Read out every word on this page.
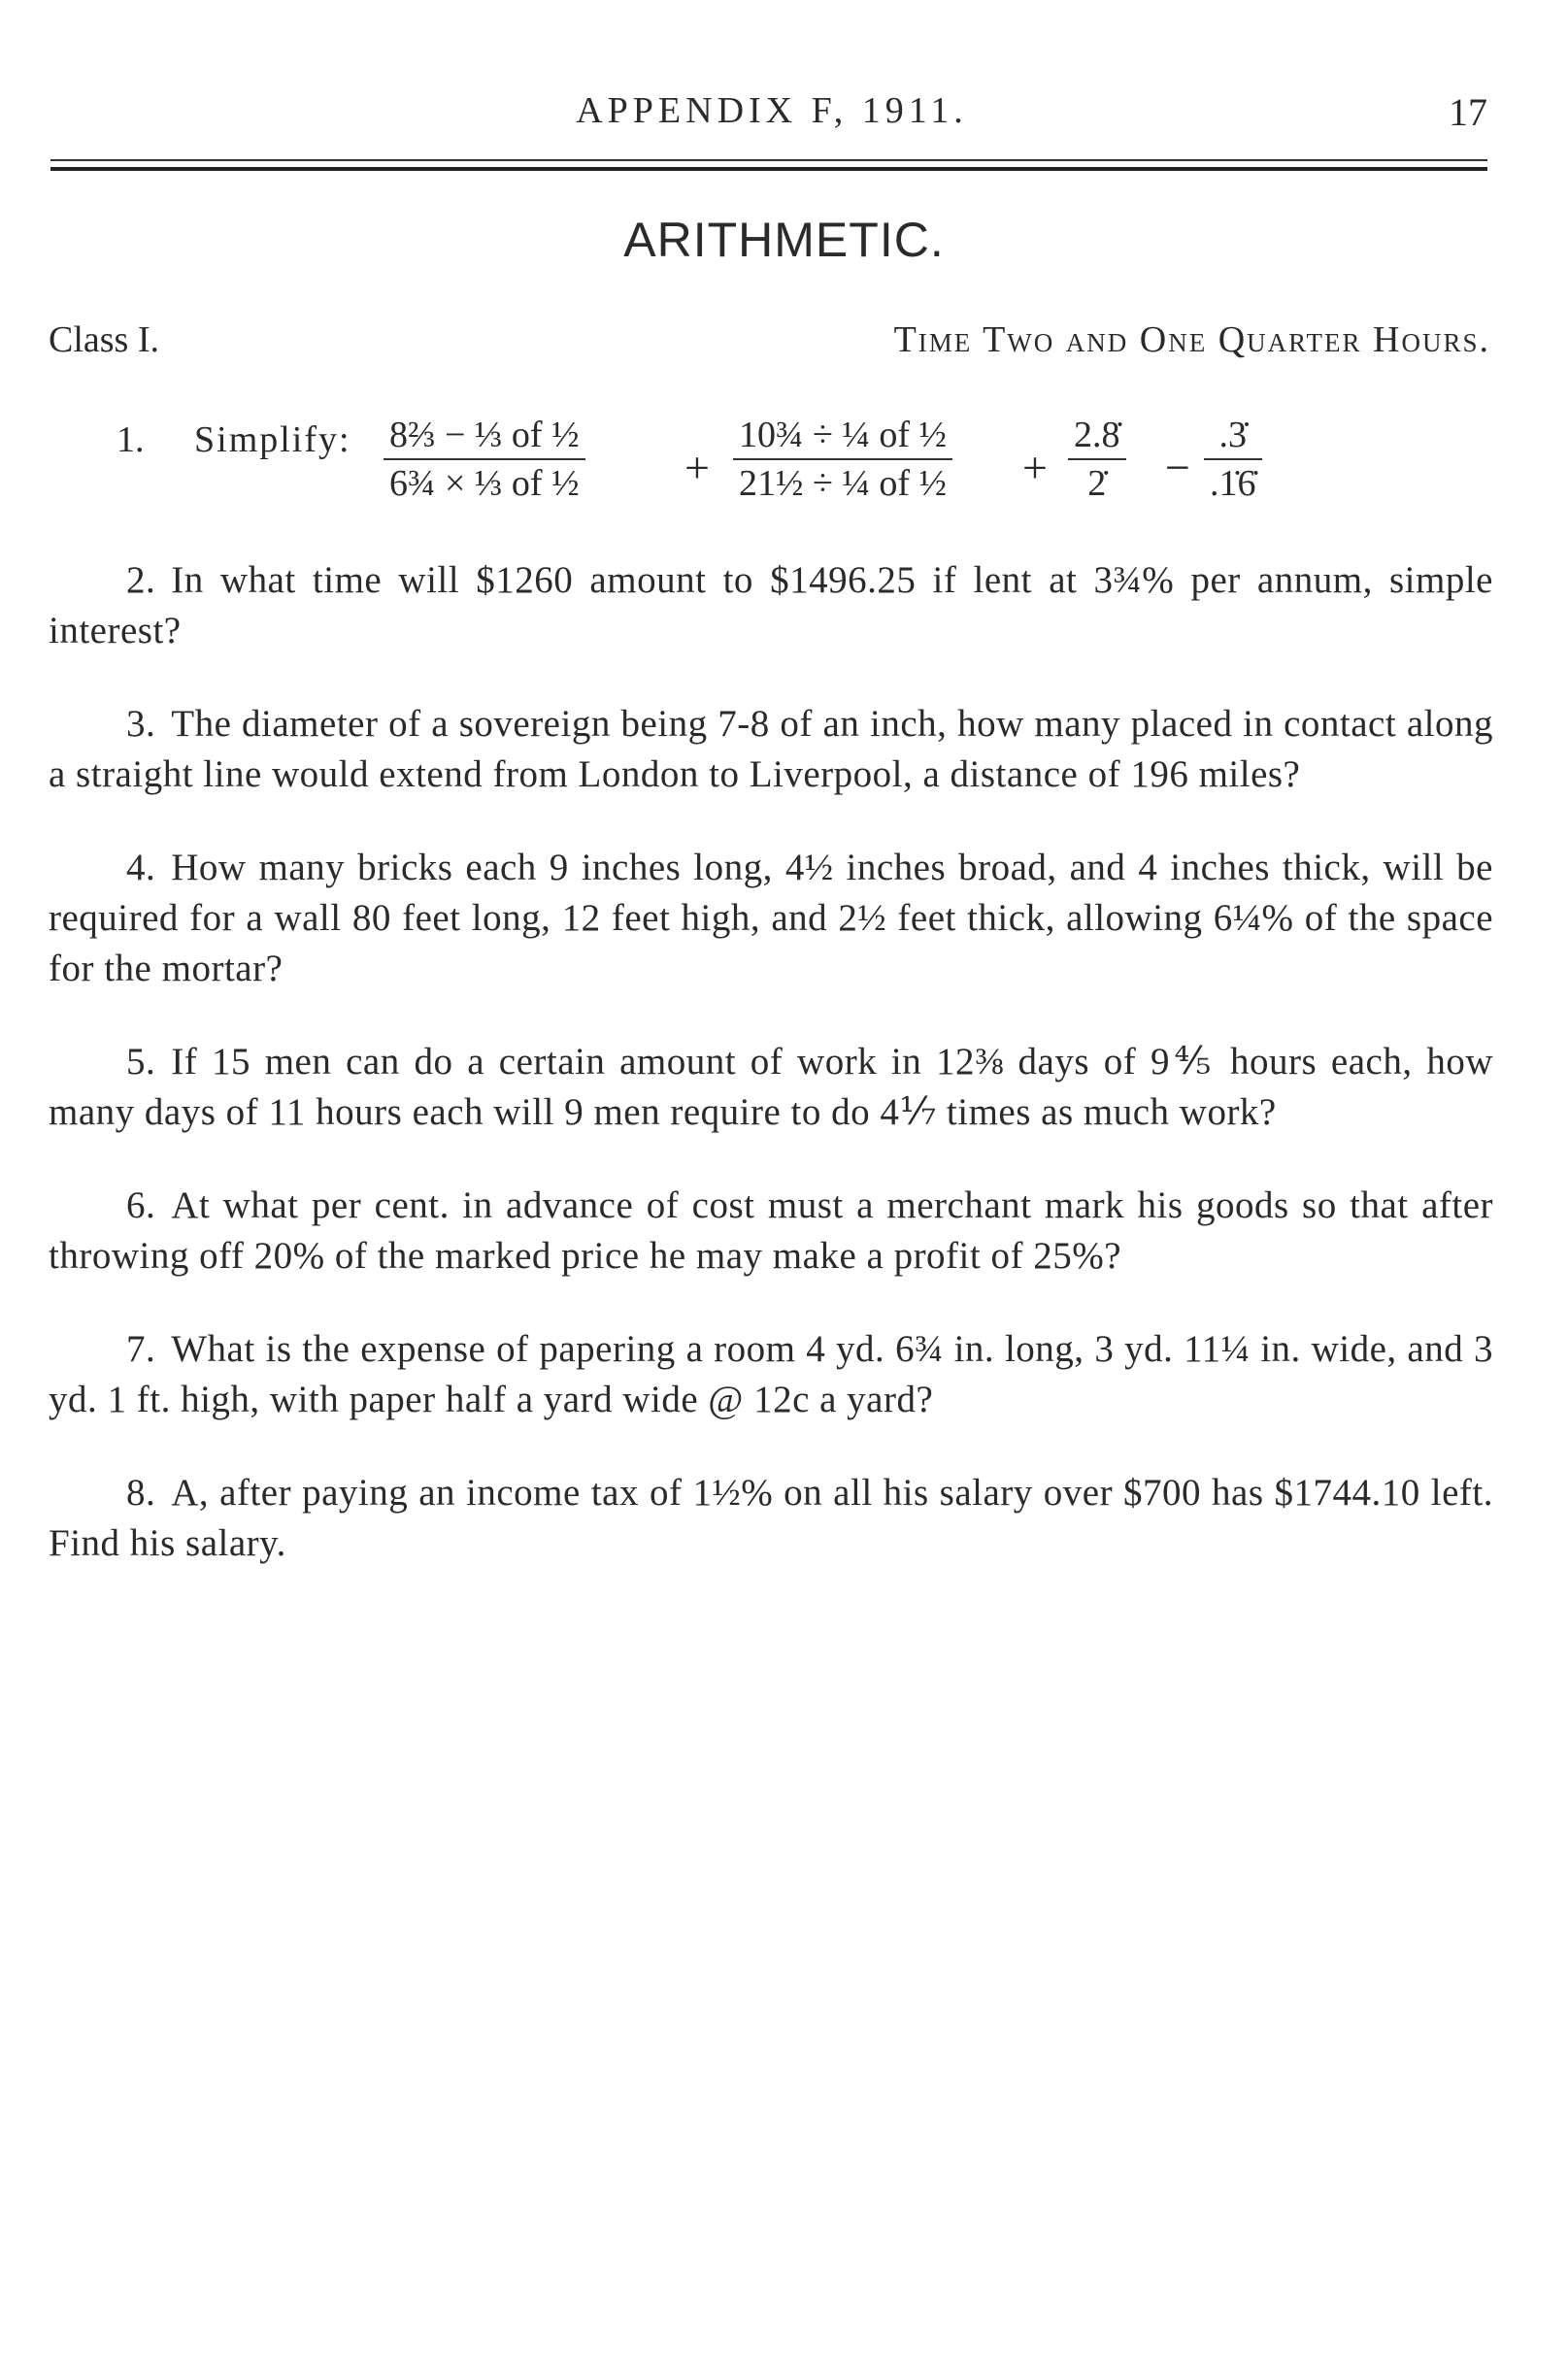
APPENDIX F, 1911.	17
ARITHMETIC.
Class I.	Time Two and One Quarter Hours.
1. Simplify: 8⅔ − ⅓ of ½
6¾ × ⅓ of ½ +
10¾ ÷ ¼ of ½
21½ ÷ ¼ of ½ +
2.8̇
2̇	−
.3̇
.1̇6̇

2. In what time will $1260 amount to $1496.25 if lent at 3¾% per annum, simple interest?

3. The diameter of a sovereign being 7-8 of an inch, how many placed in contact along a straight line would extend from London to Liverpool, a distance of 196 miles?

4. How many bricks each 9 inches long, 4½ inches broad, and 4 inches thick, will be required for a wall 80 feet long, 12 feet high, and 2½ feet thick, allowing 6¼% of the space for the mortar?

5. If 15 men can do a certain amount of work in 12⅜ days of 9⅘ hours each, how many days of 11 hours each will 9 men require to do 4⅐ times as much work?

6. At what per cent. in advance of cost must a merchant mark his goods so that after throwing off 20% of the marked price he may make a profit of 25%?

7. What is the expense of papering a room 4 yd. 6¾ in. long, 3 yd. 11¼ in. wide, and 3 yd. 1 ft. high, with paper half a yard wide @ 12c a yard?

8. A, after paying an income tax of 1½% on all his salary over $700 has $1744.10 left. Find his salary.
